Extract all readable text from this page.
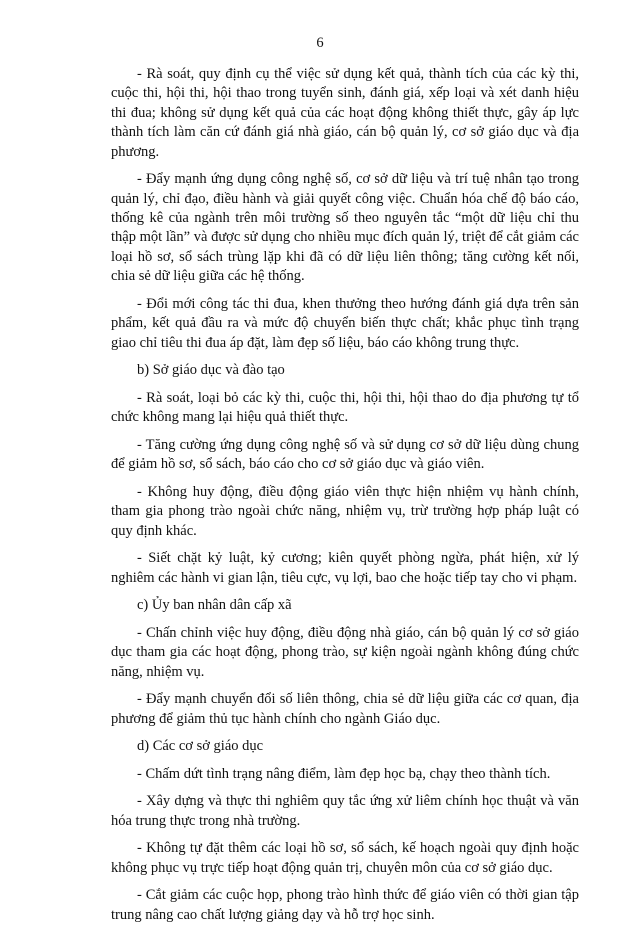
6

- Rà soát, quy định cụ thể việc sử dụng kết quả, thành tích của các kỳ thi, cuộc thi, hội thi, hội thao trong tuyển sinh, đánh giá, xếp loại và xét danh hiệu thi đua; không sử dụng kết quả của các hoạt động không thiết thực, gây áp lực thành tích làm căn cứ đánh giá nhà giáo, cán bộ quản lý, cơ sở giáo dục và địa phương.

- Đẩy mạnh ứng dụng công nghệ số, cơ sở dữ liệu và trí tuệ nhân tạo trong quản lý, chỉ đạo, điều hành và giải quyết công việc. Chuẩn hóa chế độ báo cáo, thống kê của ngành trên môi trường số theo nguyên tắc “một dữ liệu chỉ thu thập một lần” và được sử dụng cho nhiều mục đích quản lý, triệt để cắt giảm các loại hồ sơ, sổ sách trùng lặp khi đã có dữ liệu liên thông; tăng cường kết nối, chia sẻ dữ liệu giữa các hệ thống.

- Đổi mới công tác thi đua, khen thưởng theo hướng đánh giá dựa trên sản phẩm, kết quả đầu ra và mức độ chuyển biến thực chất; khắc phục tình trạng giao chỉ tiêu thi đua áp đặt, làm đẹp số liệu, báo cáo không trung thực.

b) Sở giáo dục và đào tạo

- Rà soát, loại bỏ các kỳ thi, cuộc thi, hội thi, hội thao do địa phương tự tổ chức không mang lại hiệu quả thiết thực.

- Tăng cường ứng dụng công nghệ số và sử dụng cơ sở dữ liệu dùng chung để giảm hồ sơ, sổ sách, báo cáo cho cơ sở giáo dục và giáo viên.

- Không huy động, điều động giáo viên thực hiện nhiệm vụ hành chính, tham gia phong trào ngoài chức năng, nhiệm vụ, trừ trường hợp pháp luật có quy định khác.

- Siết chặt kỷ luật, kỷ cương; kiên quyết phòng ngừa, phát hiện, xử lý nghiêm các hành vi gian lận, tiêu cực, vụ lợi, bao che hoặc tiếp tay cho vi phạm.

c) Ủy ban nhân dân cấp xã

- Chấn chỉnh việc huy động, điều động nhà giáo, cán bộ quản lý cơ sở giáo dục tham gia các hoạt động, phong trào, sự kiện ngoài ngành không đúng chức năng, nhiệm vụ.

- Đẩy mạnh chuyển đổi số liên thông, chia sẻ dữ liệu giữa các cơ quan, địa phương để giảm thủ tục hành chính cho ngành Giáo dục.

d) Các cơ sở giáo dục

- Chấm dứt tình trạng nâng điểm, làm đẹp học bạ, chạy theo thành tích.

- Xây dựng và thực thi nghiêm quy tắc ứng xử liêm chính học thuật và văn hóa trung thực trong nhà trường.

- Không tự đặt thêm các loại hồ sơ, sổ sách, kế hoạch ngoài quy định hoặc không phục vụ trực tiếp hoạt động quản trị, chuyên môn của cơ sở giáo dục.

- Cắt giảm các cuộc họp, phong trào hình thức để giáo viên có thời gian tập trung nâng cao chất lượng giảng dạy và hỗ trợ học sinh.
